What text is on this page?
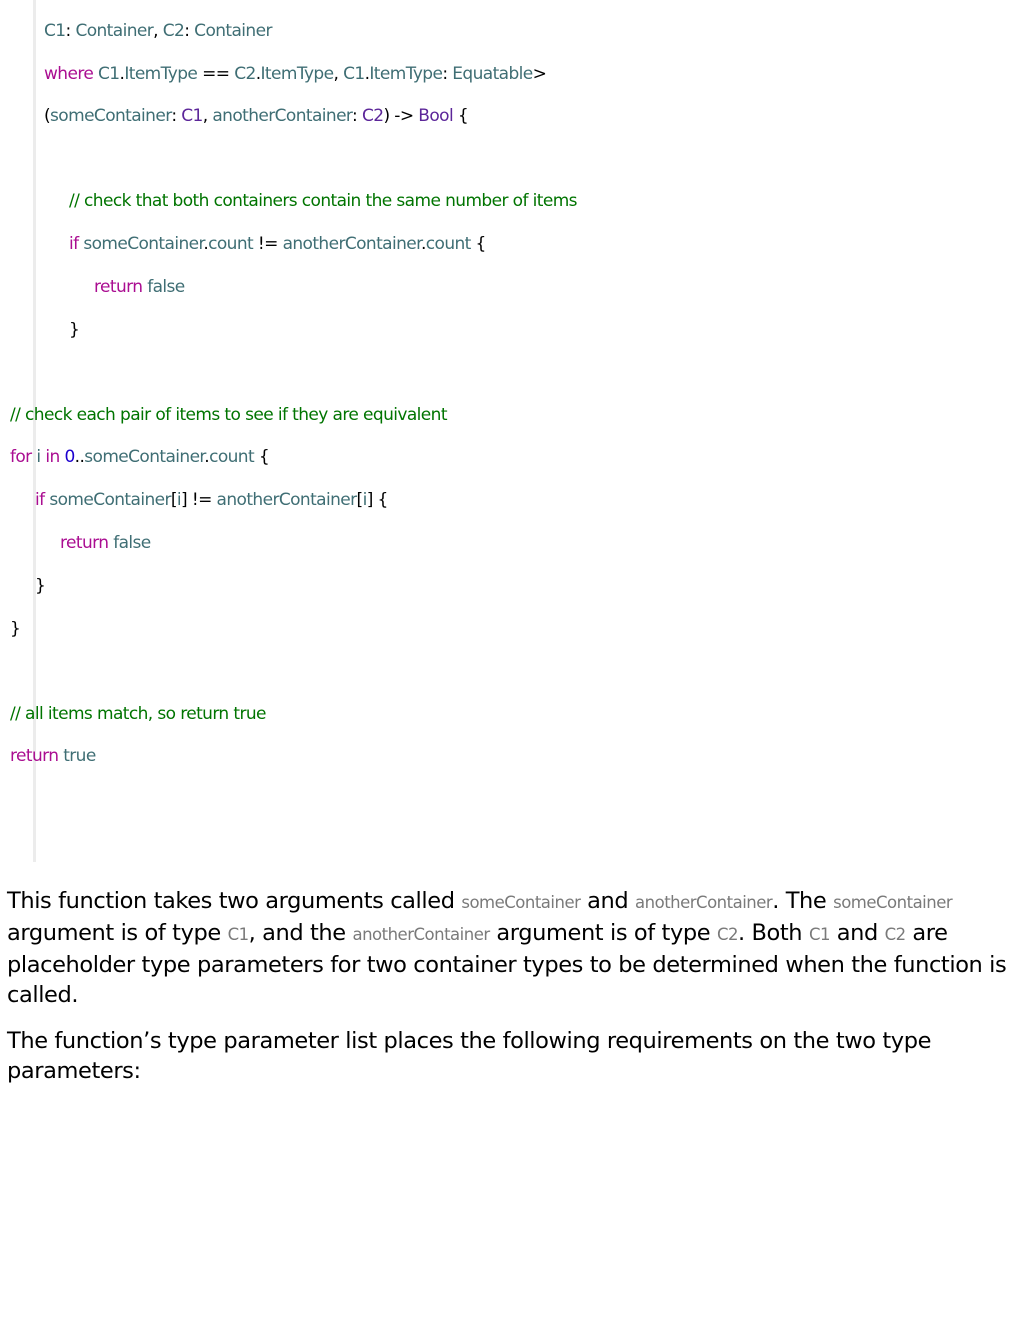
C1: Container, C2: Container
where C1.ItemType == C2.ItemType, C1.ItemType: Equatable>
(someContainer: C1, anotherContainer: C2) -> Bool {
// check that both containers contain the same number of items
if someContainer.count != anotherContainer.count {
return false
}
// check each pair of items to see if they are equivalent
for i in 0..someContainer.count {
if someContainer[i] != anotherContainer[i] {
return false
}
}
// all items match, so return true
return true

This function takes two arguments called someContainer and anotherContainer. The someContainer argument is of type C1, and the anotherContainer argument is of type C2. Both C1 and C2 are placeholder type parameters for two container types to be determined when the function is called.

The function’s type parameter list places the following requirements on the two type parameters:
